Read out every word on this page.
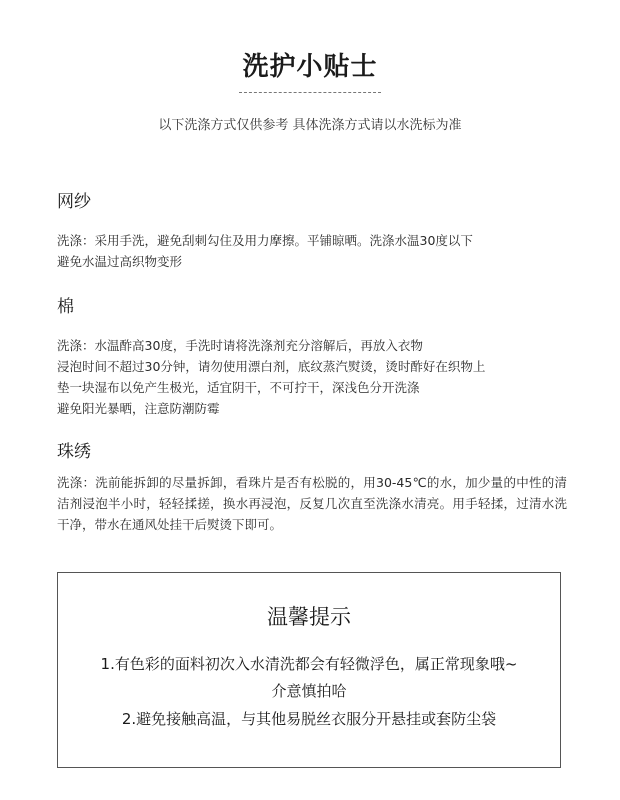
洗护小贴士
以下洗涤方式仅供参考 具体洗涤方式请以水洗标为准
网纱
洗涤：采用手洗，避免刮刺勾住及用力摩擦。平铺晾晒。洗涤水温30度以下
避免水温过高织物变形
棉
洗涤：水温酢高30度，手洗时请将洗涤剂充分溶解后，再放入衣物
浸泡时间不超过30分钟，请勿使用漂白剂，底纹蒸汽熨烫，烫时酢好在织物上
垫一块湿布以免产生极光，适宜阴干，不可拧干，深浅色分开洗涤
避免阳光暴晒，注意防潮防霉
珠绣
洗涤：洗前能拆卸的尽量拆卸，看珠片是否有松脱的，用30-45℃的水，加少量的中性的清洁剂浸泡半小时，轻轻揉搓，换水再浸泡，反复几次直至洗涤水清亮。用手轻揉，过清水洗干净，带水在通风处挂干后熨烫下即可。
温馨提示
1.有色彩的面料初次入水清洗都会有轻微浮色，属正常现象哦~
介意慎拍哈
2.避免接触高温，与其他易脱丝衣服分开悬挂或套防尘袋
